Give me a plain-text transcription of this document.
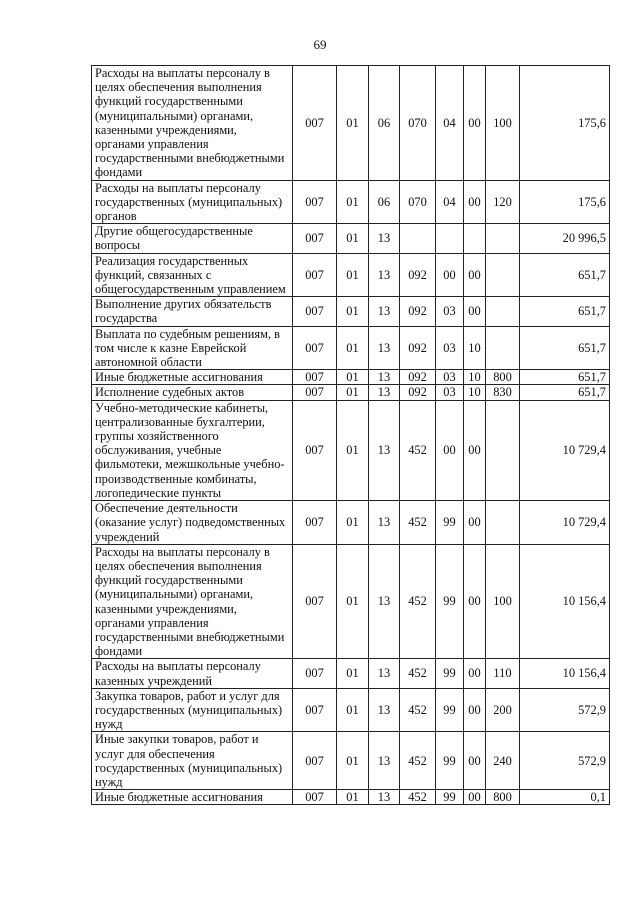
69
Расходы на выплаты персоналу в целях обеспечения выполнения функций государственными (муниципальными) органами, казенными учреждениями, органами управления государственными внебюджетными фондами	007	01	06	070	04	00	100	175,6
Расходы на выплаты персоналу государственных (муниципальных) органов	007	01	06	070	04	00	120	175,6
Другие общегосударственные вопросы	007	01	13					20 996,5
Реализация государственных функций, связанных с общегосударственным управлением	007	01	13	092	00	00		651,7
Выполнение других обязательств государства	007	01	13	092	03	00		651,7
Выплата по судебным решениям, в том числе к казне Еврейской автономной области	007	01	13	092	03	10		651,7
Иные бюджетные ассигнования	007	01	13	092	03	10	800	651,7
Исполнение судебных актов	007	01	13	092	03	10	830	651,7
Учебно-методические кабинеты, централизованные бухгалтерии, группы хозяйственного обслуживания, учебные фильмотеки, межшкольные учебно-производственные комбинаты, логопедические пункты	007	01	13	452	00	00		10 729,4
Обеспечение деятельности (оказание услуг) подведомственных учреждений	007	01	13	452	99	00		10 729,4
Расходы на выплаты персоналу в целях обеспечения выполнения функций государственными (муниципальными) органами, казенными учреждениями, органами управления государственными внебюджетными фондами	007	01	13	452	99	00	100	10 156,4
Расходы на выплаты персоналу казенных учреждений	007	01	13	452	99	00	110	10 156,4
Закупка товаров, работ и услуг для государственных (муниципальных) нужд	007	01	13	452	99	00	200	572,9
Иные закупки товаров, работ и услуг для обеспечения государственных (муниципальных) нужд	007	01	13	452	99	00	240	572,9
Иные бюджетные ассигнования	007	01	13	452	99	00	800	0,1
